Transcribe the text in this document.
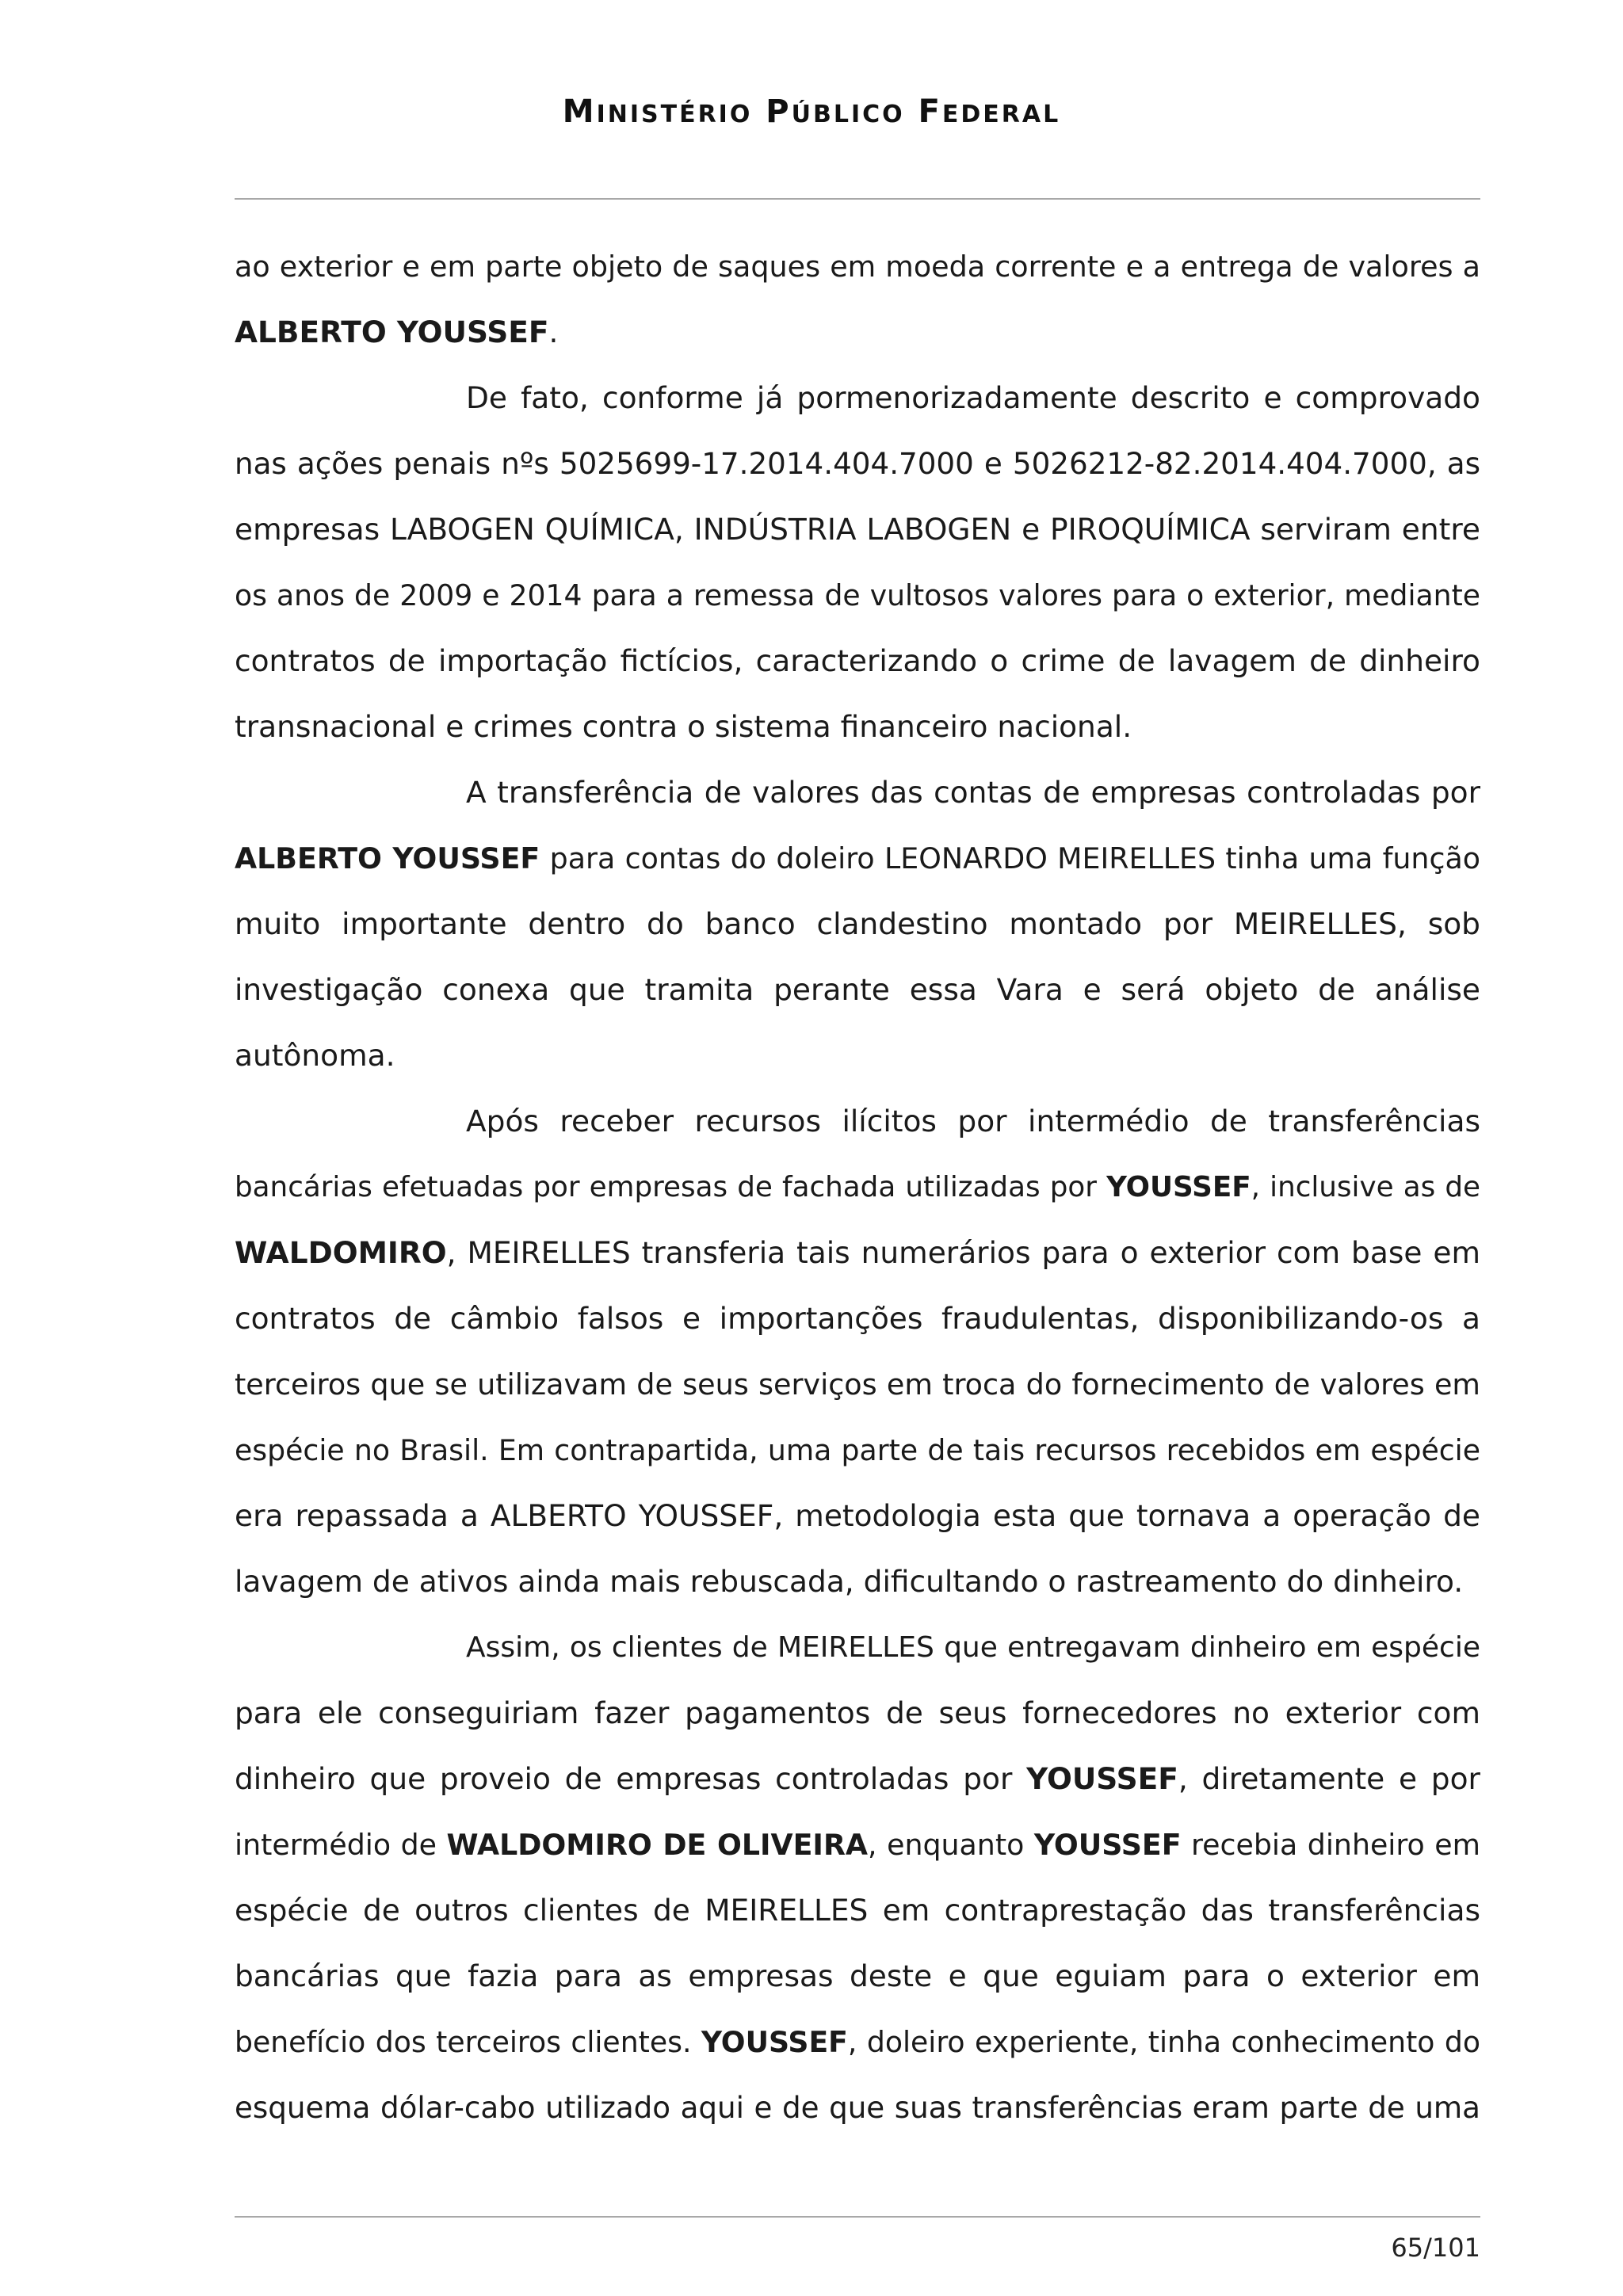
MINISTÉRIO PÚBLICO FEDERAL
ao exterior e em parte objeto de saques em moeda corrente e a entrega de valores a
ALBERTO YOUSSEF.
De fato, conforme já pormenorizadamente descrito e comprovado
nas ações penais nºs 5025699-17.2014.404.7000 e 5026212-82.2014.404.7000, as
empresas LABOGEN QUÍMICA, INDÚSTRIA LABOGEN e PIROQUÍMICA serviram entre
os anos de 2009 e 2014 para a remessa de vultosos valores para o exterior, mediante
contratos de importação fictícios, caracterizando o crime de lavagem de dinheiro
transnacional e crimes contra o sistema financeiro nacional.
A transferência de valores das contas de empresas controladas por
ALBERTO YOUSSEF para contas do doleiro LEONARDO MEIRELLES tinha uma função
muito importante dentro do banco clandestino montado por MEIRELLES, sob
investigação conexa que tramita perante essa Vara e será objeto de análise
autônoma.
Após receber recursos ilícitos por intermédio de transferências
bancárias efetuadas por empresas de fachada utilizadas por YOUSSEF, inclusive as de
WALDOMIRO, MEIRELLES transferia tais numerários para o exterior com base em
contratos de câmbio falsos e importanções fraudulentas, disponibilizando-os a
terceiros que se utilizavam de seus serviços em troca do fornecimento de valores em
espécie no Brasil. Em contrapartida, uma parte de tais recursos recebidos em espécie
era repassada a ALBERTO YOUSSEF, metodologia esta que tornava a operação de
lavagem de ativos ainda mais rebuscada, dificultando o rastreamento do dinheiro.
Assim, os clientes de MEIRELLES que entregavam dinheiro em espécie
para ele conseguiriam fazer pagamentos de seus fornecedores no exterior com
dinheiro que proveio de empresas controladas por YOUSSEF, diretamente e por
intermédio de WALDOMIRO DE OLIVEIRA, enquanto YOUSSEF recebia dinheiro em
espécie de outros clientes de MEIRELLES em contraprestação das transferências
bancárias que fazia para as empresas deste e que eguiam para o exterior em
benefício dos terceiros clientes. YOUSSEF, doleiro experiente, tinha conhecimento do
esquema dólar-cabo utilizado aqui e de que suas transferências eram parte de uma
65/101
